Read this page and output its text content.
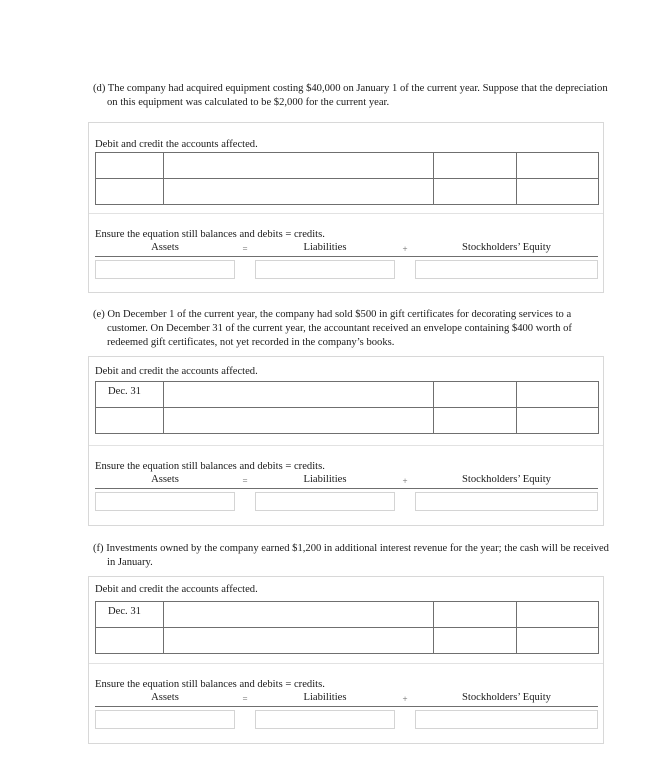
(d) The company had acquired equipment costing $40,000 on January 1 of the current year. Suppose that the depreciation on this equipment was calculated to be $2,000 for the current year.

Debit and credit the accounts affected.

Ensure the equation still balances and debits = credits.
Assets	=	Liabilities	+	Stockholders’ Equity

(e) On December 1 of the current year, the company had sold $500 in gift certificates for decorating services to a customer. On December 31 of the current year, the accountant received an envelope containing $400 worth of redeemed gift certificates, not yet recorded in the company’s books.

Debit and credit the accounts affected.
Dec. 31			

Ensure the equation still balances and debits = credits.
Assets	=	Liabilities	+	Stockholders’ Equity

(f) Investments owned by the company earned $1,200 in additional interest revenue for the year; the cash will be received in January.

Debit and credit the accounts affected.
Dec. 31			

Ensure the equation still balances and debits = credits.
Assets	=	Liabilities	+	Stockholders’ Equity
